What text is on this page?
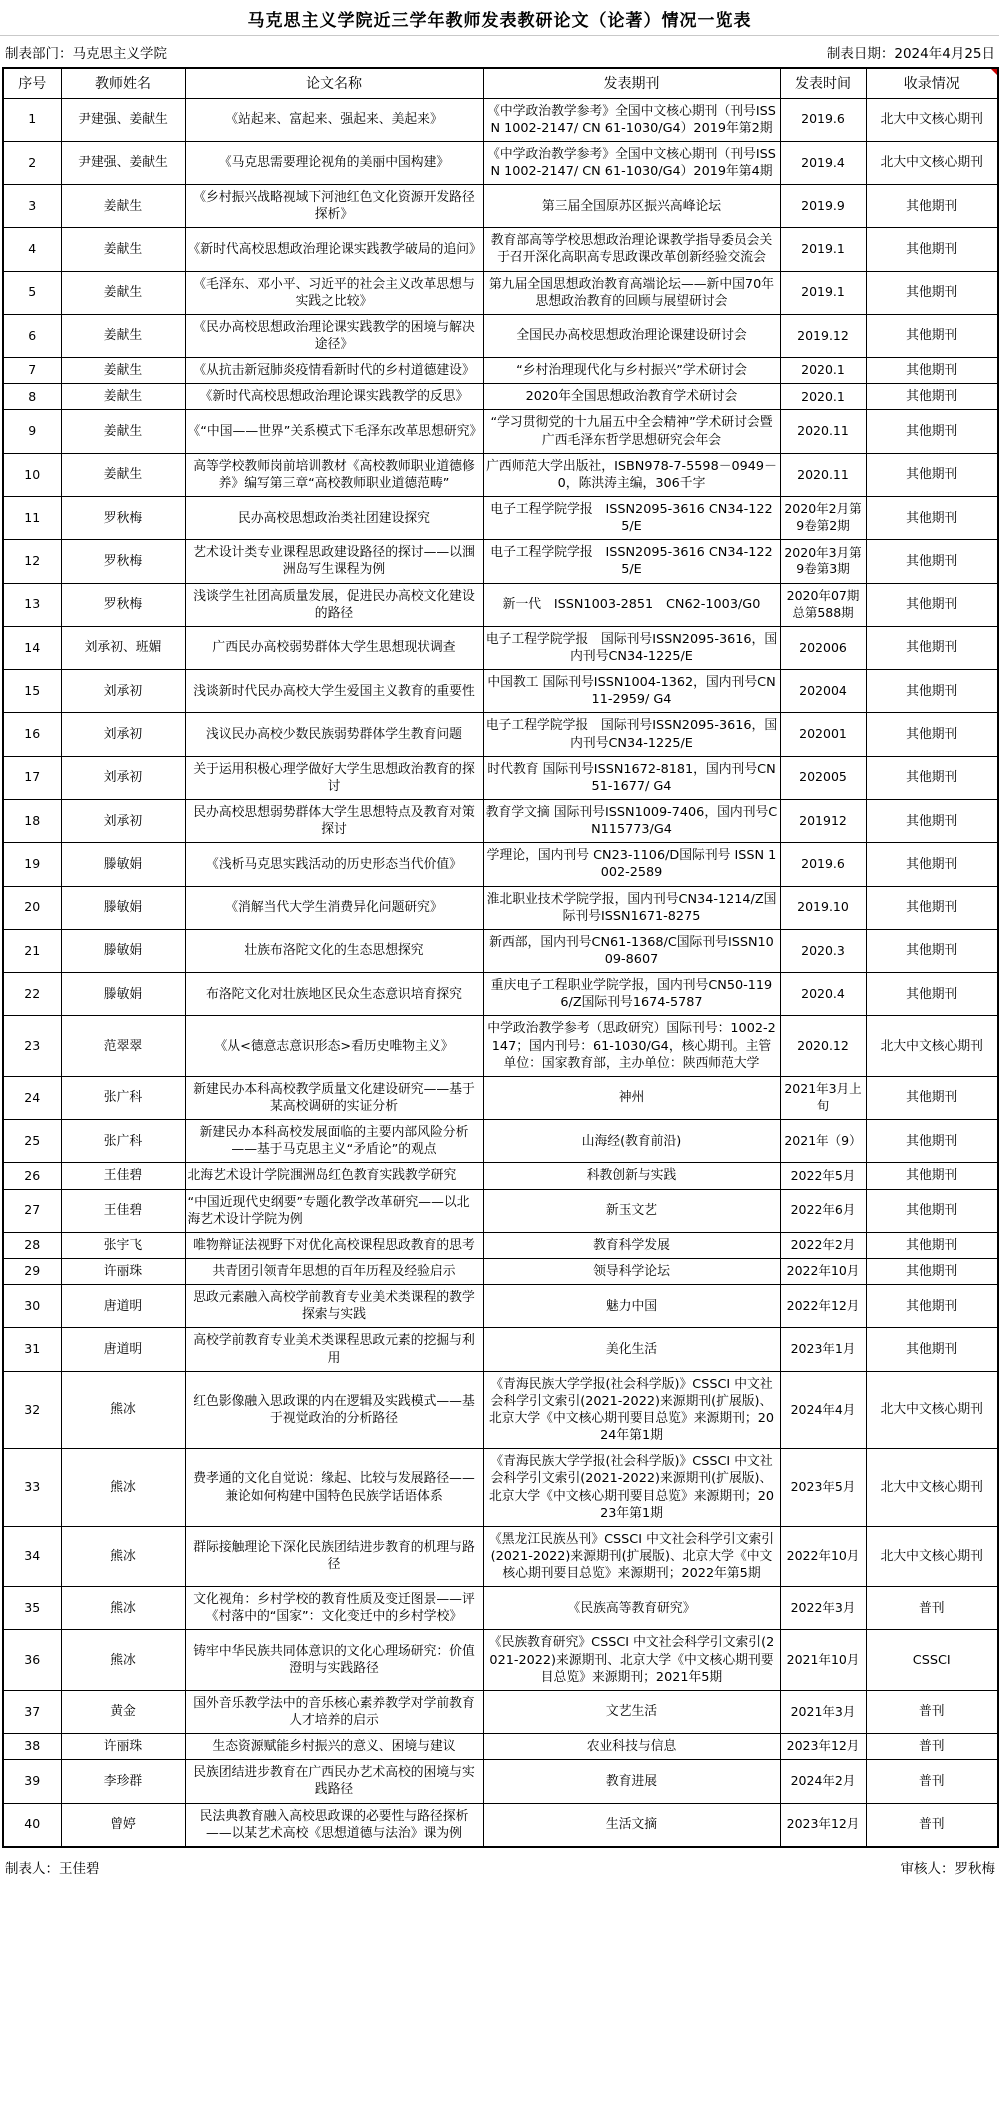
马克思主义学院近三学年教师发表教研论文（论著）情况一览表
制表部门：马克思主义学院	制表日期：2024年4月25日
序号	教师姓名	论文名称	发表期刊	发表时间	收录情况

1	尹建强、姜献生	《站起来、富起来、强起来、美起来》	《中学政治教学参考》全国中文核心期刊（刊号ISSN 1002-2147/ CN 61-1030/G4）2019年第2期	2019.6	北大中文核心期刊
2	尹建强、姜献生	《马克思需要理论视角的美丽中国构建》	《中学政治教学参考》全国中文核心期刊（刊号ISSN 1002-2147/ CN 61-1030/G4）2019年第4期	2019.4	北大中文核心期刊
3	姜献生	《乡村振兴战略视域下河池红色文化资源开发路径探析》	第三届全国原苏区振兴高峰论坛	2019.9	其他期刊
4	姜献生	《新时代高校思想政治理论课实践教学破局的追问》	教育部高等学校思想政治理论课教学指导委员会关于召开深化高职高专思政课改革创新经验交流会	2019.1	其他期刊
5	姜献生	《毛泽东、邓小平、习近平的社会主义改革思想与实践之比较》	第九届全国思想政治教育高端论坛——新中国70年思想政治教育的回顾与展望研讨会	2019.1	其他期刊
6	姜献生	《民办高校思想政治理论课实践教学的困境与解决途径》	全国民办高校思想政治理论课建设研讨会	2019.12	其他期刊
7	姜献生	《从抗击新冠肺炎疫情看新时代的乡村道德建设》	“乡村治理现代化与乡村振兴”学术研讨会	2020.1	其他期刊
8	姜献生	《新时代高校思想政治理论课实践教学的反思》	2020年全国思想政治教育学术研讨会	2020.1	其他期刊
9	姜献生	《“中国——世界”关系模式下毛泽东改革思想研究》	“学习贯彻党的十九届五中全会精神”学术研讨会暨广西毛泽东哲学思想研究会年会	2020.11	其他期刊
10	姜献生	高等学校教师岗前培训教材《高校教师职业道德修养》编写第三章“高校教师职业道德范畴”	广西师范大学出版社，ISBN978-7-5598－0949－0，陈洪涛主编，306千字	2020.11	其他期刊
11	罗秋梅	民办高校思想政治类社团建设探究	电子工程学院学报　ISSN2095-3616 CN34-1225/E	2020年2月第9卷第2期	其他期刊
12	罗秋梅	艺术设计类专业课程思政建设路径的探讨——以涠洲岛写生课程为例	电子工程学院学报　ISSN2095-3616 CN34-1225/E	2020年3月第9卷第3期	其他期刊
13	罗秋梅	浅谈学生社团高质量发展，促进民办高校文化建设的路径	新一代　ISSN1003-2851　CN62-1003/G0	2020年07期总第588期	其他期刊
14	刘承初、班媚	广西民办高校弱势群体大学生思想现状调查	电子工程学院学报　国际刊号ISSN2095-3616，国内刊号CN34-1225/E	202006	其他期刊
15	刘承初	浅谈新时代民办高校大学生爱国主义教育的重要性	中国教工 国际刊号ISSN1004-1362，国内刊号CN11-2959/ G4	202004	其他期刊
16	刘承初	浅议民办高校少数民族弱势群体学生教育问题	电子工程学院学报　国际刊号ISSN2095-3616，国内刊号CN34-1225/E	202001	其他期刊
17	刘承初	关于运用积极心理学做好大学生思想政治教育的探讨	时代教育 国际刊号ISSN1672-8181，国内刊号CN51-1677/ G4	202005	其他期刊
18	刘承初	民办高校思想弱势群体大学生思想特点及教育对策探讨	教育学文摘 国际刊号ISSN1009-7406，国内刊号CN115773/G4	201912	其他期刊
19	滕敏娟	《浅析马克思实践活动的历史形态当代价值》	学理论，国内刊号 CN23-1106/D国际刊号 ISSN 1002-2589	2019.6	其他期刊
20	滕敏娟	《消解当代大学生消费异化问题研究》	淮北职业技术学院学报，国内刊号CN34-1214/Z国际刊号ISSN1671-8275	2019.10	其他期刊
21	滕敏娟	壮族布洛陀文化的生态思想探究	新西部，国内刊号CN61-1368/C国际刊号ISSN1009-8607	2020.3	其他期刊
22	滕敏娟	布洛陀文化对壮族地区民众生态意识培育探究	重庆电子工程职业学院学报，国内刊号CN50-1196/Z国际刊号1674-5787	2020.4	其他期刊
23	范翠翠	《从<德意志意识形态>看历史唯物主义》	中学政治教学参考（思政研究）国际刊号：1002-2147；国内刊号：61-1030/G4，核心期刊。主管单位：国家教育部，主办单位：陕西师范大学	2020.12	北大中文核心期刊
24	张广科	新建民办本科高校教学质量文化建设研究——基于某高校调研的实证分析	神州	2021年3月上旬	其他期刊
25	张广科	新建民办本科高校发展面临的主要内部风险分析——基于马克思主义“矛盾论”的观点	山海经(教育前沿)	2021年（9）	其他期刊
26	王佳碧	北海艺术设计学院涠洲岛红色教育实践教学研究	科教创新与实践	2022年5月	其他期刊
27	王佳碧	“中国近现代史纲要”专题化教学改革研究——以北海艺术设计学院为例	新玉文艺	2022年6月	其他期刊
28	张宇飞	唯物辩证法视野下对优化高校课程思政教育的思考	教育科学发展	2022年2月	其他期刊
29	许丽珠	共青团引领青年思想的百年历程及经验启示	领导科学论坛	2022年10月	其他期刊
30	唐道明	思政元素融入高校学前教育专业美术类课程的教学探索与实践	魅力中国	2022年12月	其他期刊
31	唐道明	高校学前教育专业美术类课程思政元素的挖掘与利用	美化生活	2023年1月	其他期刊
32	熊冰	红色影像融入思政课的内在逻辑及实践模式——基于视觉政治的分析路径	《青海民族大学学报(社会科学版)》CSSCI 中文社会科学引文索引(2021-2022)来源期刊(扩展版)、北京大学《中文核心期刊要目总览》来源期刊；2024年第1期	2024年4月	北大中文核心期刊
33	熊冰	费孝通的文化自觉说：缘起、比较与发展路径——兼论如何构建中国特色民族学话语体系	《青海民族大学学报(社会科学版)》CSSCI 中文社会科学引文索引(2021-2022)来源期刊(扩展版)、北京大学《中文核心期刊要目总览》来源期刊；2023年第1期	2023年5月	北大中文核心期刊
34	熊冰	群际接触理论下深化民族团结进步教育的机理与路径	《黑龙江民族丛刊》CSSCI 中文社会科学引文索引(2021-2022)来源期刊(扩展版)、北京大学《中文核心期刊要目总览》来源期刊；2022年第5期	2022年10月	北大中文核心期刊
35	熊冰	文化视角：乡村学校的教育性质及变迁图景——评《村落中的“国家”：文化变迁中的乡村学校》	《民族高等教育研究》	2022年3月	普刊
36	熊冰	铸牢中华民族共同体意识的文化心理场研究：价值澄明与实践路径	《民族教育研究》CSSCI 中文社会科学引文索引(2021-2022)来源期刊、北京大学《中文核心期刊要目总览》来源期刊；2021年5期	2021年10月	CSSCI
37	黄金	国外音乐教学法中的音乐核心素养教学对学前教育人才培养的启示	文艺生活	2021年3月	普刊
38	许丽珠	生态资源赋能乡村振兴的意义、困境与建议	农业科技与信息	2023年12月	普刊
39	李珍群	民族团结进步教育在广西民办艺术高校的困境与实践路径	教育进展	2024年2月	普刊
40	曾婷	民法典教育融入高校思政课的必要性与路径探析——以某艺术高校《思想道德与法治》课为例	生活文摘	2023年12月	普刊
制表人：王佳碧	审核人：罗秋梅
